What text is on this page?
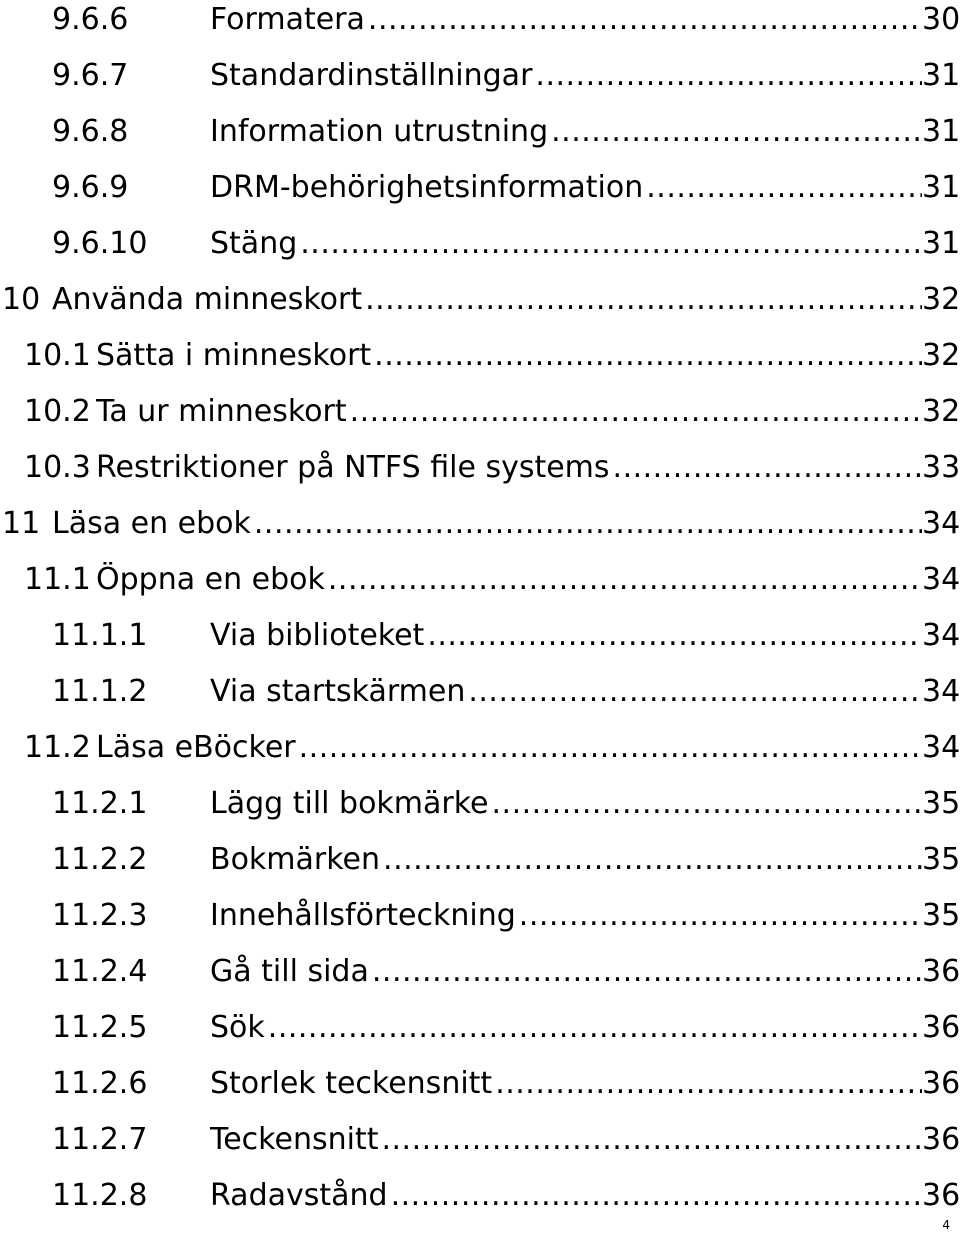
9.6.6	Formatera .....	30
9.6.7	Standardinställningar .....	31
9.6.8	Information utrustning .....	31
9.6.9	DRM-behörighetsinformation .....	31
9.6.10 Stäng .....	31
10 Använda minneskort .....	32
10.1 Sätta i minneskort .....	32
10.2 Ta ur minneskort .....	32
10.3 Restriktioner på NTFS file systems .....	33
11 Läsa en ebok .....	34
11.1 Öppna en ebok .....	34
11.1.1 Via biblioteket .....	34
11.1.2 Via startskärmen .....	34
11.2 Läsa eBöcker .....	34
11.2.1 Lägg till bokmärke .....	35
11.2.2 Bokmärken .....	35
11.2.3 Innehållsförteckning .....	35
11.2.4 Gå till sida .....	36
11.2.5 Sök .....	36
11.2.6 Storlek teckensnitt .....	36
11.2.7 Teckensnitt .....	36
11.2.8 Radavstånd .....	36
4
